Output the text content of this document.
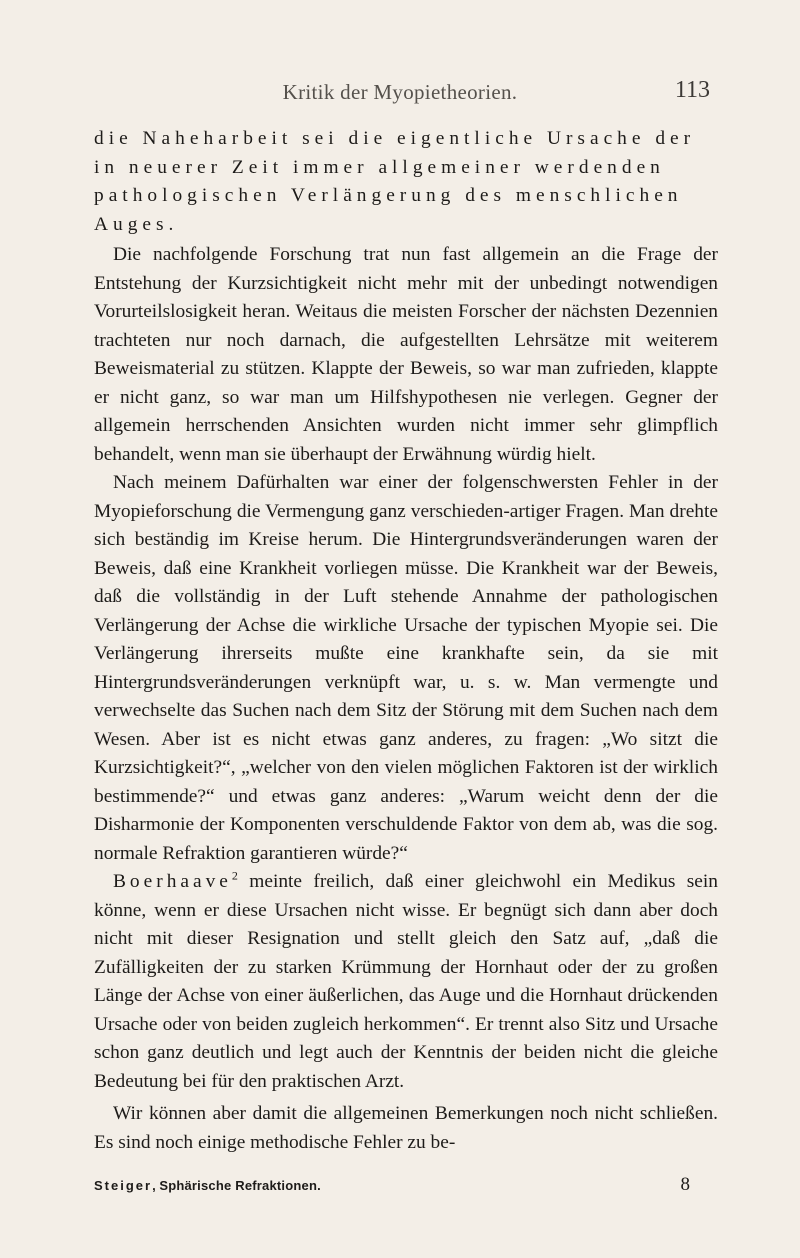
Kritik der Myopietheorien.	113

die Naheharbeit sei die eigentliche Ursache der in neuerer Zeit immer allgemeiner werdenden pathologischen Verlängerung des menschlichen Auges.

Die nachfolgende Forschung trat nun fast allgemein an die Frage der Entstehung der Kurzsichtigkeit nicht mehr mit der unbedingt notwendigen Vorurteilslosigkeit heran. Weitaus die meisten Forscher der nächsten Dezennien trachteten nur noch darnach, die aufgestellten Lehrsätze mit weiterem Beweismaterial zu stützen. Klappte der Beweis, so war man zufrieden, klappte er nicht ganz, so war man um Hilfshypothesen nie verlegen. Gegner der allgemein herrschenden Ansichten wurden nicht immer sehr glimpflich behandelt, wenn man sie überhaupt der Erwähnung würdig hielt.

Nach meinem Dafürhalten war einer der folgenschwersten Fehler in der Myopieforschung die Vermengung ganz verschieden-artiger Fragen. Man drehte sich beständig im Kreise herum. Die Hintergrundsveränderungen waren der Beweis, daß eine Krankheit vorliegen müsse. Die Krankheit war der Beweis, daß die vollständig in der Luft stehende Annahme der pathologischen Verlängerung der Achse die wirkliche Ursache der typischen Myopie sei. Die Verlängerung ihrerseits mußte eine krankhafte sein, da sie mit Hintergrundsveränderungen verknüpft war, u. s. w. Man vermengte und verwechselte das Suchen nach dem Sitz der Störung mit dem Suchen nach dem Wesen. Aber ist es nicht etwas ganz anderes, zu fragen: „Wo sitzt die Kurzsichtigkeit?“, „welcher von den vielen möglichen Faktoren ist der wirklich bestimmende?“ und etwas ganz anderes: „Warum weicht denn der die Disharmonie der Komponenten verschuldende Faktor von dem ab, was die sog. normale Refraktion garantieren würde?“

Boerhaave$^2$ meinte freilich, daß einer gleichwohl ein Medikus sein könne, wenn er diese Ursachen nicht wisse. Er begnügt sich dann aber doch nicht mit dieser Resignation und stellt gleich den Satz auf, „daß die Zufälligkeiten der zu starken Krümmung der Hornhaut oder der zu großen Länge der Achse von einer äußerlichen, das Auge und die Hornhaut drückenden Ursache oder von beiden zugleich herkommen“. Er trennt also Sitz und Ursache schon ganz deutlich und legt auch der Kenntnis der beiden nicht die gleiche Bedeutung bei für den praktischen Arzt.

Wir können aber damit die allgemeinen Bemerkungen noch nicht schließen. Es sind noch einige methodische Fehler zu be-

Steiger, Sphärische Refraktionen.	8
